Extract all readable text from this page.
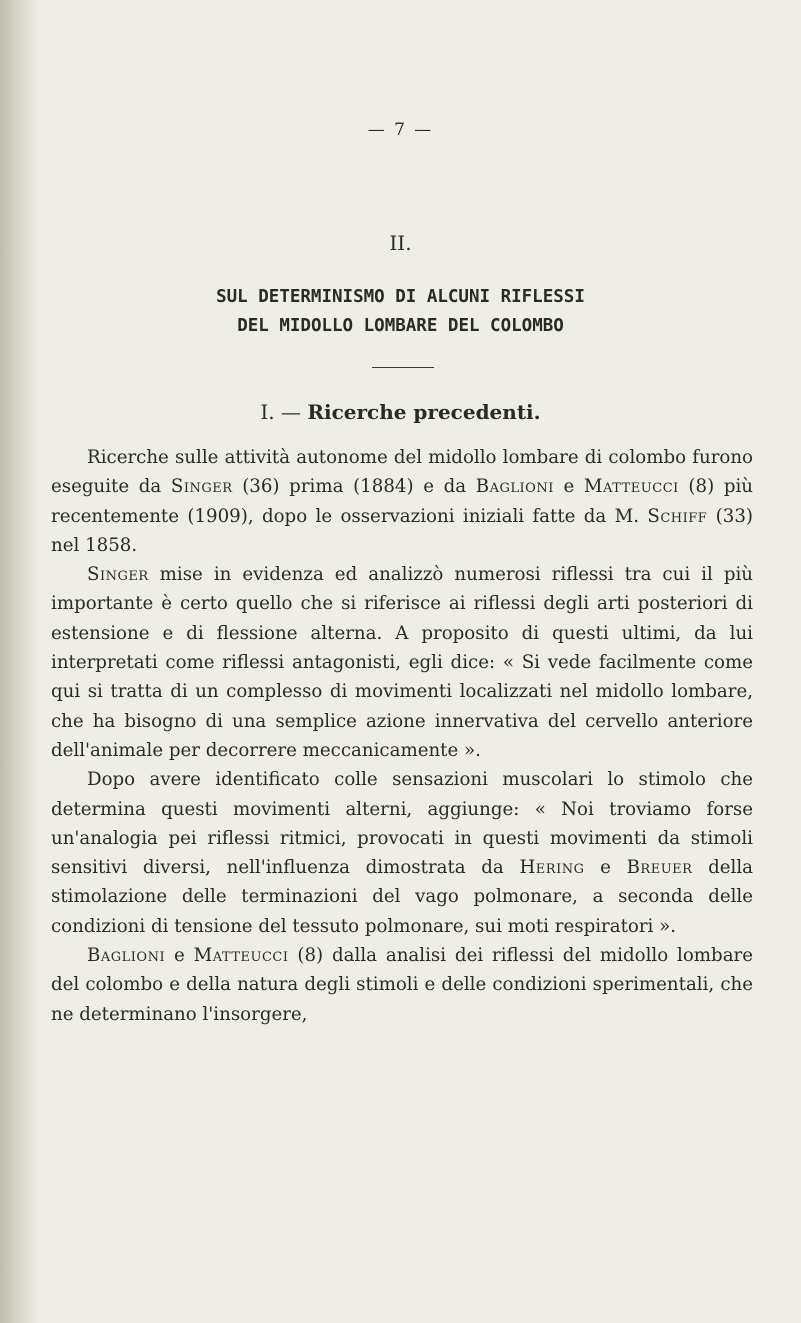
— 7 —
II.
SUL DETERMINISMO DI ALCUNI RIFLESSI
DEL MIDOLLO LOMBARE DEL COLOMBO
I. — Ricerche precedenti.

Ricerche sulle attività autonome del midollo lombare di colombo furono eseguite da Singer (36) prima (1884) e da Baglioni e Matteucci (8) più recentemente (1909), dopo le osservazioni iniziali fatte da M. Schiff (33) nel 1858.

Singer mise in evidenza ed analizzò numerosi riflessi tra cui il più importante è certo quello che si riferisce ai riflessi degli arti posteriori di estensione e di flessione alterna. A proposito di questi ultimi, da lui interpretati come riflessi antagonisti, egli dice: « Si vede facilmente come qui si tratta di un complesso di movimenti localizzati nel midollo lombare, che ha bisogno di una semplice azione innervativa del cervello anteriore dell'animale per decorrere meccanicamente ».

Dopo avere identificato colle sensazioni muscolari lo stimolo che determina questi movimenti alterni, aggiunge: « Noi troviamo forse un'analogia pei riflessi ritmici, provocati in questi movimenti da stimoli sensitivi diversi, nell'influenza dimostrata da Hering e Breuer della stimolazione delle terminazioni del vago polmonare, a seconda delle condizioni di tensione del tessuto polmonare, sui moti respiratori ».

Baglioni e Matteucci (8) dalla analisi dei riflessi del midollo lombare del colombo e della natura degli stimoli e delle condizioni sperimentali, che ne determinano l'insorgere,
